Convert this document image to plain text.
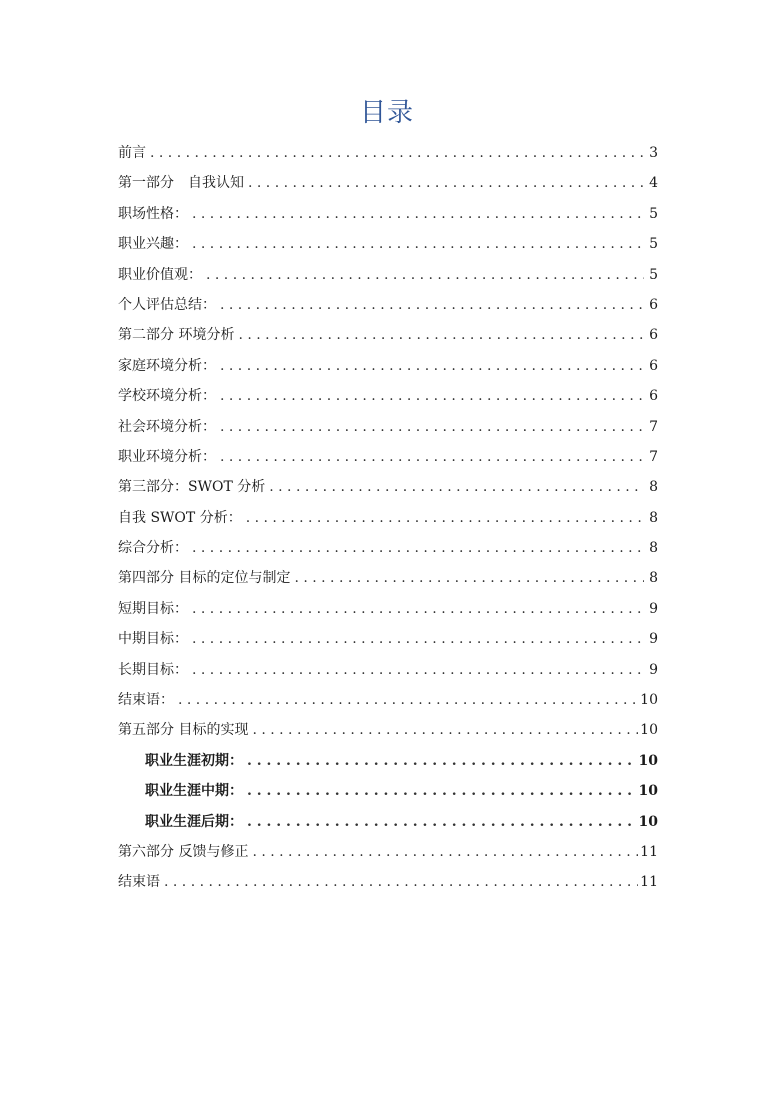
目录
前言 . . .	3
第一部分　自我认知 . . .	4
职场性格： . . .	5
职业兴趣： . . .	5
职业价值观： . . .	5
个人评估总结： . . .	6
第二部分 环境分析 . . .	6
家庭环境分析： . . .	6
学校环境分析： . . .	6
社会环境分析： . . .	7
职业环境分析： . . .	7
第三部分：SWOT 分析 . . .	8
自我 SWOT 分析： . . .	8
综合分析： . . .	8
第四部分 目标的定位与制定 . . .	8
短期目标： . . .	9
中期目标： . . .	9
长期目标： . . .	9
结束语： . . .	10
第五部分 目标的实现 . . .	10
职业生涯初期： . . .	10
职业生涯中期： . . .	10
职业生涯后期： . . .	10
第六部分 反馈与修正 . . .	11
结束语 . . .	11
